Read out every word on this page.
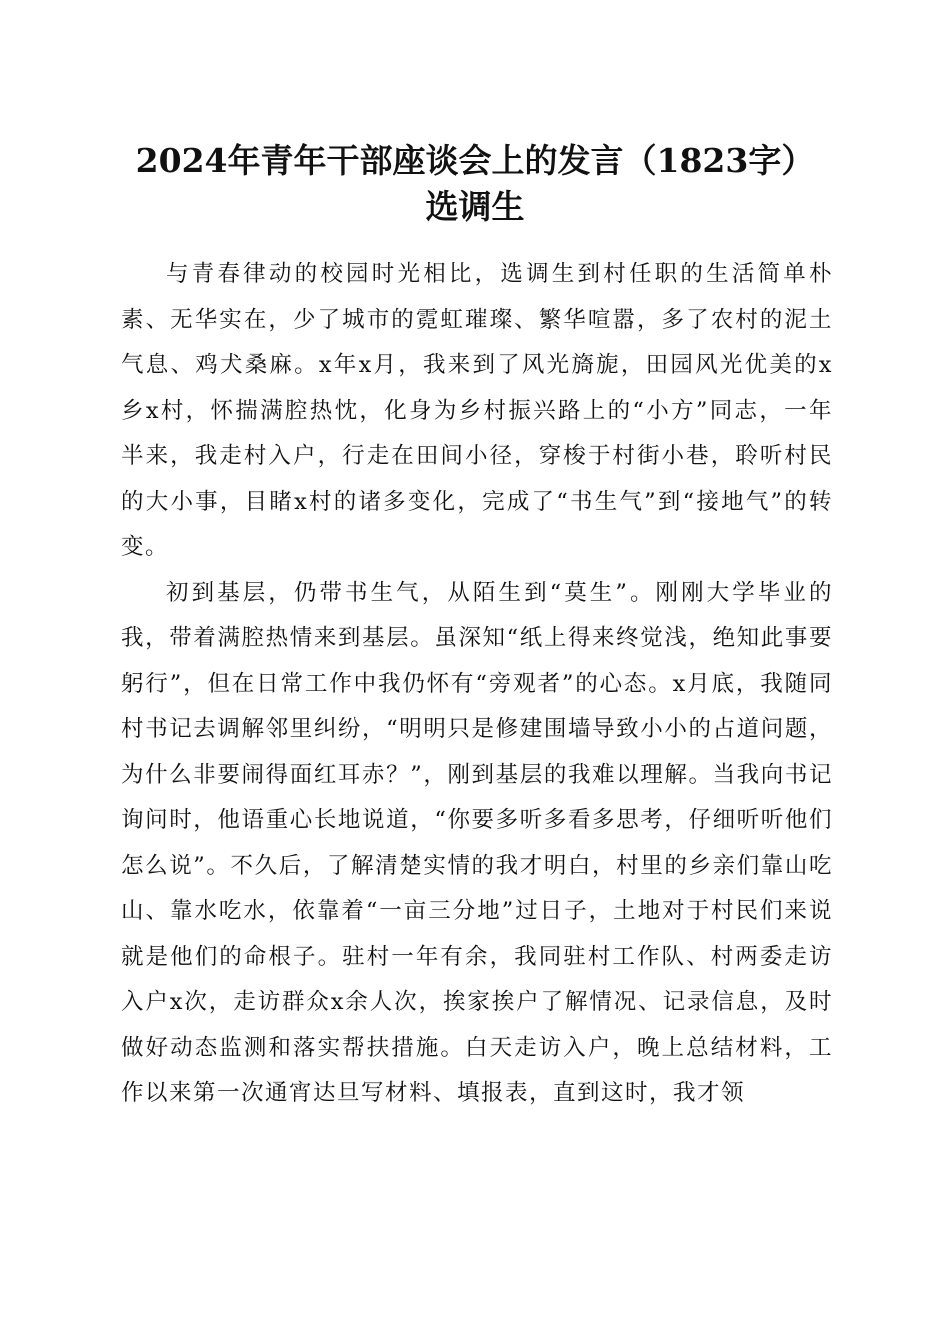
2024年青年干部座谈会上的发言（1823字）
选调生

与青春律动的校园时光相比，选调生到村任职的生活简单朴素、无华实在，少了城市的霓虹璀璨、繁华喧嚣，多了农村的泥土气息、鸡犬桑麻。x年x月，我来到了风光旖旎，田园风光优美的x乡x村，怀揣满腔热忱，化身为乡村振兴路上的“小方”同志，一年半来，我走村入户，行走在田间小径，穿梭于村街小巷，聆听村民的大小事，目睹x村的诸多变化，完成了“书生气”到“接地气”的转变。

初到基层，仍带书生气，从陌生到“莫生”。刚刚大学毕业的我，带着满腔热情来到基层。虽深知“纸上得来终觉浅，绝知此事要躬行”，但在日常工作中我仍怀有“旁观者”的心态。x月底，我随同村书记去调解邻里纠纷，“明明只是修建围墙导致小小的占道问题，为什么非要闹得面红耳赤？”，刚到基层的我难以理解。当我向书记询问时，他语重心长地说道，“你要多听多看多思考，仔细听听他们怎么说”。不久后，了解清楚实情的我才明白，村里的乡亲们靠山吃山、靠水吃水，依靠着“一亩三分地”过日子，土地对于村民们来说就是他们的命根子。驻村一年有余，我同驻村工作队、村两委走访入户x次，走访群众x余人次，挨家挨户了解情况、记录信息，及时做好动态监测和落实帮扶措施。白天走访入户，晚上总结材料，工作以来第一次通宵达旦写材料、填报表，直到这时，我才领
